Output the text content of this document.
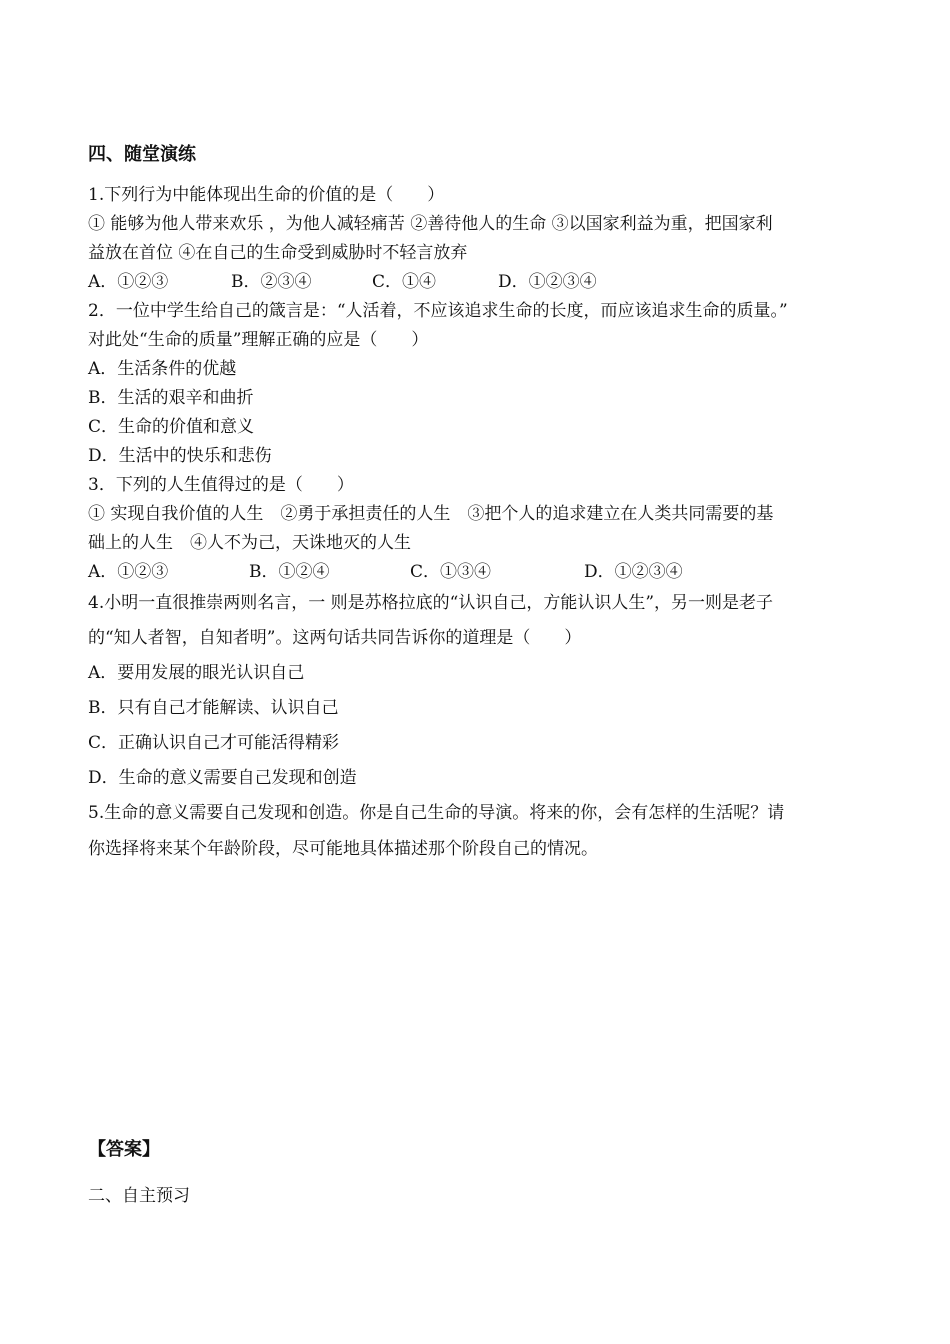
四、随堂演练
1.下列行为中能体现出生命的价值的是（　　）
① 能够为他人带来欢乐 ，为他人减轻痛苦 ②善待他人的生命 ③以国家利益为重，把国家利
益放在首位 ④在自己的生命受到威胁时不轻言放弃
A．①②③	B．②③④	C．①④	D．①②③④
2．一位中学生给自己的箴言是：“人活着，不应该追求生命的长度，而应该追求生命的质量。”
对此处“生命的质量”理解正确的应是（　　）
A．生活条件的优越
B．生活的艰辛和曲折
C．生命的价值和意义
D．生活中的快乐和悲伤
3．下列的人生值得过的是（　　）
① 实现自我价值的人生　②勇于承担责任的人生　③把个人的追求建立在人类共同需要的基
础上的人生　④人不为己，天诛地灭的人生
A．①②③	B．①②④	C．①③④	D．①②③④
4.小明一直很推崇两则名言，一 则是苏格拉底的“认识自己，方能认识人生”，另一则是老子
的“知人者智，自知者明”。这两句话共同告诉你的道理是（　　）
A．要用发展的眼光认识自己
B．只有自己才能解读、认识自己
C．正确认识自己才可能活得精彩
D．生命的意义需要自己发现和创造
5.生命的意义需要自己发现和创造。你是自己生命的导演。将来的你，会有怎样的生活呢？请
你选择将来某个年龄阶段，尽可能地具体描述那个阶段自己的情况。
【答案】
二、自主预习
